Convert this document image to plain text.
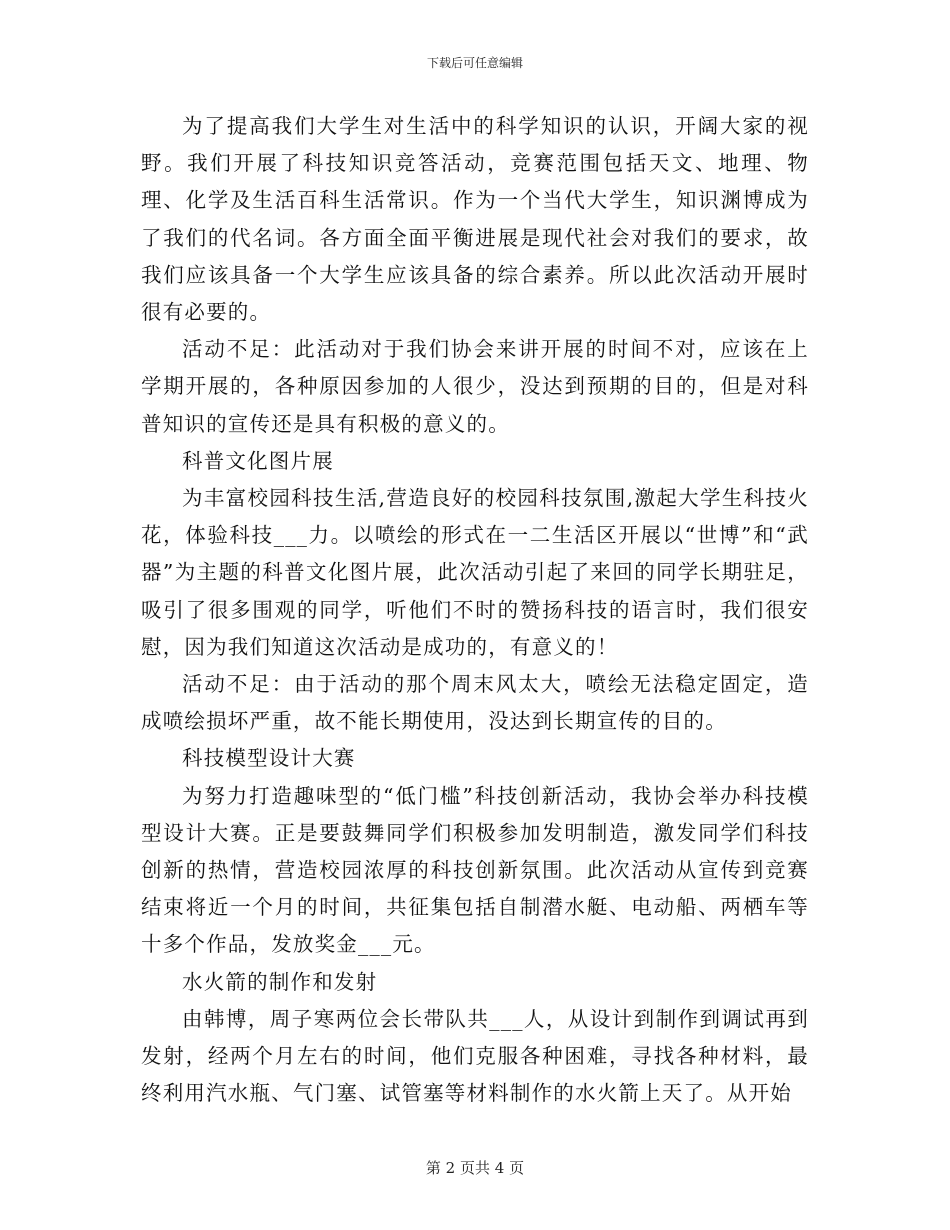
下载后可任意编辑

为了提高我们大学生对生活中的科学知识的认识，开阔大家的视野。我们开展了科技知识竞答活动，竞赛范围包括天文、地理、物理、化学及生活百科生活常识。作为一个当代大学生，知识渊博成为了我们的代名词。各方面全面平衡进展是现代社会对我们的要求，故我们应该具备一个大学生应该具备的综合素养。所以此次活动开展时很有必要的。

活动不足：此活动对于我们协会来讲开展的时间不对，应该在上学期开展的，各种原因参加的人很少，没达到预期的目的，但是对科普知识的宣传还是具有积极的意义的。

科普文化图片展

为丰富校园科技生活,营造良好的校园科技氛围,激起大学生科技火花，体验科技___力。以喷绘的形式在一二生活区开展以“世博”和“武器”为主题的科普文化图片展，此次活动引起了来回的同学长期驻足，吸引了很多围观的同学，听他们不时的赞扬科技的语言时，我们很安慰，因为我们知道这次活动是成功的，有意义的！

活动不足：由于活动的那个周末风太大，喷绘无法稳定固定，造成喷绘损坏严重，故不能长期使用，没达到长期宣传的目的。

科技模型设计大赛

为努力打造趣味型的“低门槛”科技创新活动，我协会举办科技模型设计大赛。正是要鼓舞同学们积极参加发明制造，激发同学们科技创新的热情，营造校园浓厚的科技创新氛围。此次活动从宣传到竞赛结束将近一个月的时间，共征集包括自制潜水艇、电动船、两栖车等十多个作品，发放奖金___元。

水火箭的制作和发射

由韩博，周子寒两位会长带队共___人，从设计到制作到调试再到发射，经两个月左右的时间，他们克服各种困难，寻找各种材料，最终利用汽水瓶、气门塞、试管塞等材料制作的水火箭上天了。从开始

第 2 页共 4 页
